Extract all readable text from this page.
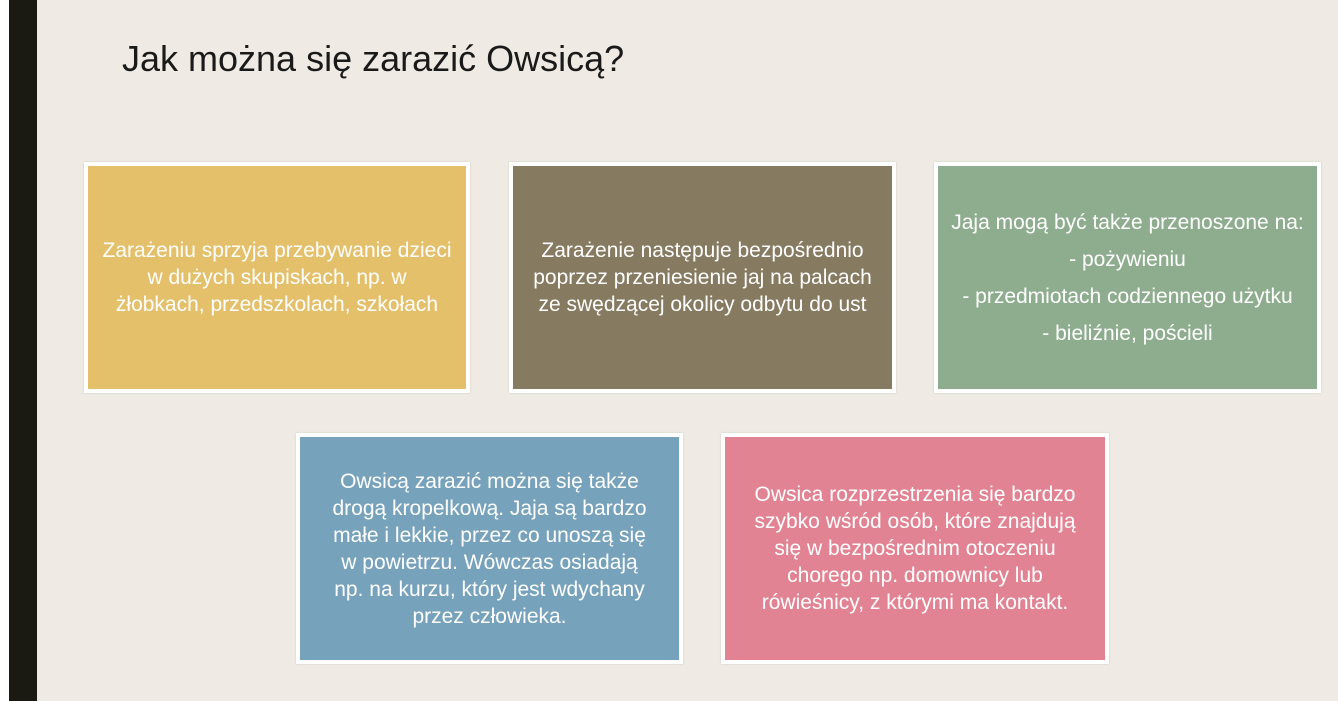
Jak można się zarazić Owsicą?
Zarażeniu sprzyja przebywanie dzieci
w dużych skupiskach, np. w
żłobkach, przedszkolach, szkołach
Zarażenie następuje bezpośrednio
poprzez przeniesienie jaj na palcach
ze swędzącej okolicy odbytu do ust
Jaja mogą być także przenoszone na:
- pożywieniu
- przedmiotach codziennego użytku
- bieliźnie, pościeli
Owsicą zarazić można się także
drogą kropelkową. Jaja są bardzo
małe i lekkie, przez co unoszą się
w powietrzu. Wówczas osiadają
np. na kurzu, który jest wdychany
przez człowieka.
Owsica rozprzestrzenia się bardzo
szybko wśród osób, które znajdują
się w bezpośrednim otoczeniu
chorego np. domownicy lub
rówieśnicy, z którymi ma kontakt.
